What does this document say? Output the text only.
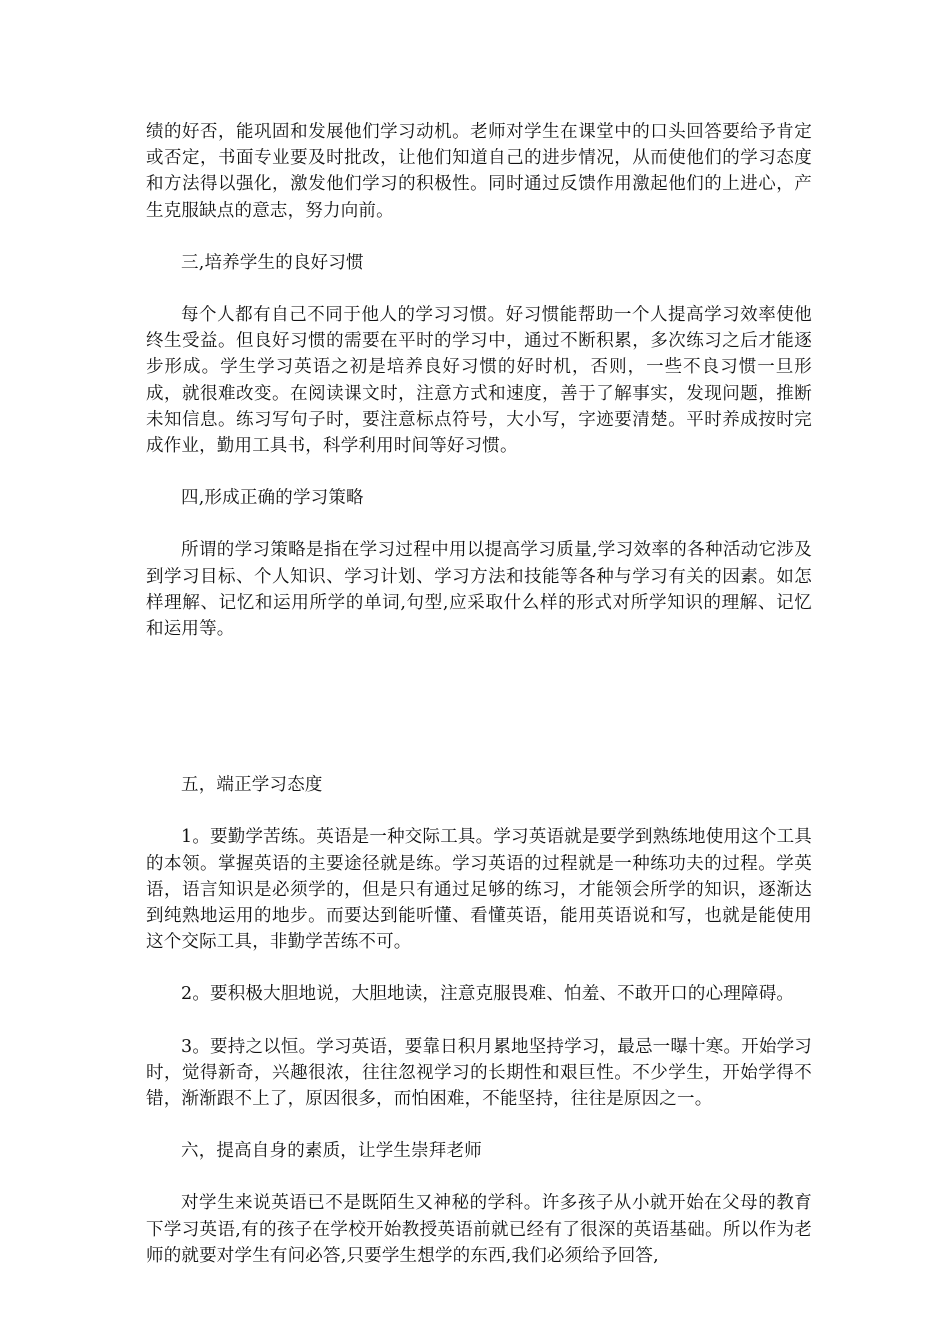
绩的好否，能巩固和发展他们学习动机。老师对学生在课堂中的口头回答要给予肯定或否定，书面专业要及时批改，让他们知道自己的进步情况，从而使他们的学习态度和方法得以强化，激发他们学习的积极性。同时通过反馈作用激起他们的上进心，产生克服缺点的意志，努力向前。

三,培养学生的良好习惯

每个人都有自己不同于他人的学习习惯。好习惯能帮助一个人提高学习效率使他终生受益。但良好习惯的需要在平时的学习中，通过不断积累，多次练习之后才能逐步形成。学生学习英语之初是培养良好习惯的好时机，否则，一些不良习惯一旦形成，就很难改变。在阅读课文时，注意方式和速度，善于了解事实，发现问题，推断未知信息。练习写句子时，要注意标点符号，大小写，字迹要清楚。平时养成按时完成作业，勤用工具书，科学利用时间等好习惯。

四,形成正确的学习策略

所谓的学习策略是指在学习过程中用以提高学习质量,学习效率的各种活动它涉及到学习目标、个人知识、学习计划、学习方法和技能等各种与学习有关的因素。如怎样理解、记忆和运用所学的单词,句型,应采取什么样的形式对所学知识的理解、记忆和运用等。

五，端正学习态度

1。要勤学苦练。英语是一种交际工具。学习英语就是要学到熟练地使用这个工具的本领。掌握英语的主要途径就是练。学习英语的过程就是一种练功夫的过程。学英语，语言知识是必须学的，但是只有通过足够的练习，才能领会所学的知识，逐渐达到纯熟地运用的地步。而要达到能听懂、看懂英语，能用英语说和写，也就是能使用这个交际工具，非勤学苦练不可。

2。要积极大胆地说，大胆地读，注意克服畏难、怕羞、不敢开口的心理障碍。

3。要持之以恒。学习英语，要靠日积月累地坚持学习，最忌一曝十寒。开始学习时，觉得新奇，兴趣很浓，往往忽视学习的长期性和艰巨性。不少学生，开始学得不错，渐渐跟不上了，原因很多，而怕困难，不能坚持，往往是原因之一。

六，提高自身的素质，让学生崇拜老师

对学生来说英语已不是既陌生又神秘的学科。许多孩子从小就开始在父母的教育下学习英语,有的孩子在学校开始教授英语前就已经有了很深的英语基础。所以作为老师的就要对学生有问必答,只要学生想学的东西,我们必须给予回答,
